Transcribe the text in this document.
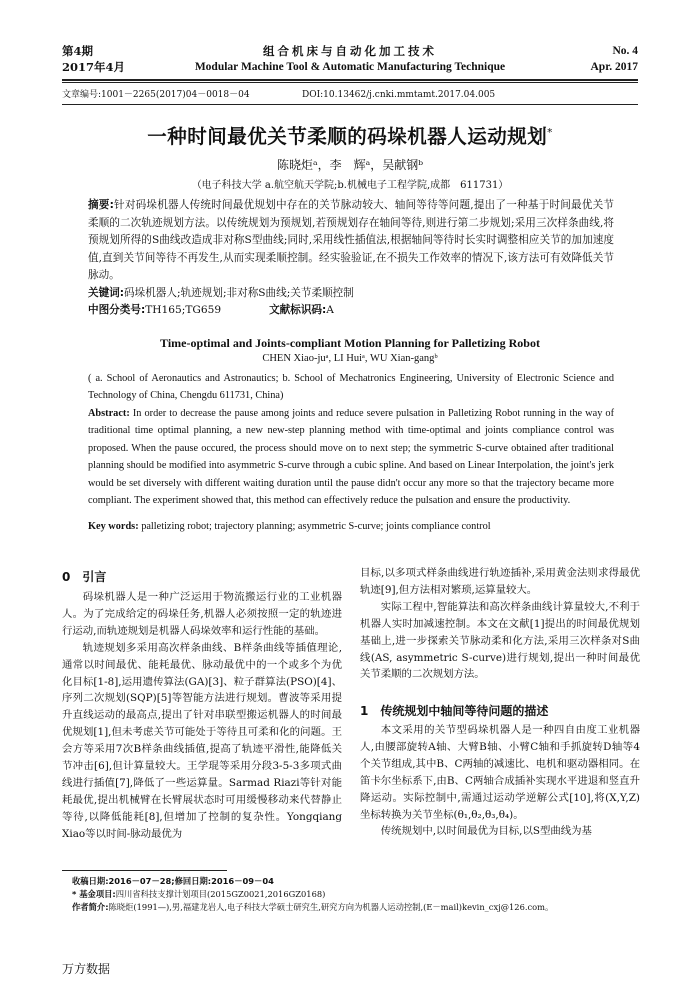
第4期
2017年4月
组合机床与自动化加工技术
Modular Machine Tool & Automatic Manufacturing Technique
No. 4
Apr. 2017
文章编号:1001－2265(2017)04－0018－04	DOI:10.13462/j.cnki.mmtamt.2017.04.005
一种时间最优关节柔顺的码垛机器人运动规划*
陈晓炬ᵃ，李　辉ᵃ，吴献钢ᵇ
（电子科技大学 a.航空航天学院;b.机械电子工程学院,成都　611731）
摘要:针对码垛机器人传统时间最优规划中存在的关节脉动较大、轴间等待等问题,提出了一种基于时间最优关节柔顺的二次轨迹规划方法。以传统规划为预规划,若预规划存在轴间等待,则进行第二步规划;采用三次样条曲线,将预规划所得的S曲线改造成非对称S型曲线;同时,采用线性插值法,根据轴间等待时长实时调整相应关节的加加速度值,直到关节间等待不再发生,从而实现柔顺控制。经实验验证,在不损失工作效率的情况下,该方法可有效降低关节脉动。
关键词:码垛机器人;轨迹规划;非对称S曲线;关节柔顺控制
中图分类号:TH165;TG659	文献标识码:A
Time-optimal and Joints-compliant Motion Planning for Palletizing Robot
CHEN Xiao-juᵃ, LI Huiᵃ, WU Xian-gangᵇ
( a. School of Aeronautics and Astronautics; b. School of Mechatronics Engineering, University of Electronic Science and Technology of China, Chengdu 611731, China)
Abstract: In order to decrease the pause among joints and reduce severe pulsation in Palletizing Robot running in the way of traditional time optimal planning, a new new-step planning method with time-optimal and joints compliance control was proposed. When the pause occured, the process should move on to next step; the symmetric S-curve obtained after traditional planning should be modified into asymmetric S-curve through a cubic spline. And based on Linear Interpolation, the joint's jerk would be set diversely with different waiting duration until the pause didn't occur any more so that the trajectory became more compliant. The experiment showed that, this method can effectively reduce the pulsation and ensure the productivity.
Key words: palletizing robot; trajectory planning; asymmetric S-curve; joints compliance control
0　引言

码垛机器人是一种广泛运用于物流搬运行业的工业机器人。为了完成给定的码垛任务,机器人必须按照一定的轨迹进行运动,而轨迹规划是机器人码垛效率和运行性能的基础。

轨迹规划多采用高次样条曲线、B样条曲线等插值理论,通常以时间最优、能耗最优、脉动最优中的一个或多个为优化目标[1-8],运用遗传算法(GA)[3]、粒子群算法(PSO)[4]、序列二次规划(SQP)[5]等智能方法进行规划。曹波等采用提升直线运动的最高点,提出了针对串联型搬运机器人的时间最优规划[1],但未考虑关节可能处于等待且可柔和化的问题。王会方等采用7次B样条曲线插值,提高了轨迹平滑性,能降低关节冲击[6],但计算量较大。王学琨等采用分段3-5-3多项式曲线进行插值[7],降低了一些运算量。Sarmad Riazi等针对能耗最优,提出机械臂在长臂展状态时可用缓慢移动来代替静止等待,以降低能耗[8],但增加了控制的复杂性。Yongqiang Xiao等以时间-脉动最优为

目标,以多项式样条曲线进行轨迹插补,采用黄金法则求得最优轨迹[9],但方法相对繁琐,运算量较大。

实际工程中,智能算法和高次样条曲线计算量较大,不利于机器人实时加减速控制。本文在文献[1]提出的时间最优规划基础上,进一步探索关节脉动柔和化方法,采用三次样条对S曲线(AS, asymmetric S-curve)进行规划,提出一种时间最优关节柔顺的二次规划方法。

1　传统规划中轴间等待问题的描述

本文采用的关节型码垛机器人是一种四自由度工业机器人,由腰部旋转A轴、大臂B轴、小臂C轴和手抓旋转D轴等4个关节组成,其中B、C两轴的减速比、电机和驱动器相同。在笛卡尔坐标系下,由B、C两轴合成插补实现水平进退和竖直升降运动。实际控制中,需通过运动学逆解公式[10],将(X,Y,Z)坐标转换为关节坐标(θ₁,θ₂,θ₃,θ₄)。

传统规划中,以时间最优为目标,以S型曲线为基

收稿日期:2016－07－28;修回日期:2016－09－04
* 基金项目:四川省科技支撑计划项目(2015GZ0021,2016GZ0168)
作者简介:陈晓炬(1991—),男,福建龙岩人,电子科技大学硕士研究生,研究方向为机器人运动控制,(E－mail)kevin_cxj@126.com。
万方数据
